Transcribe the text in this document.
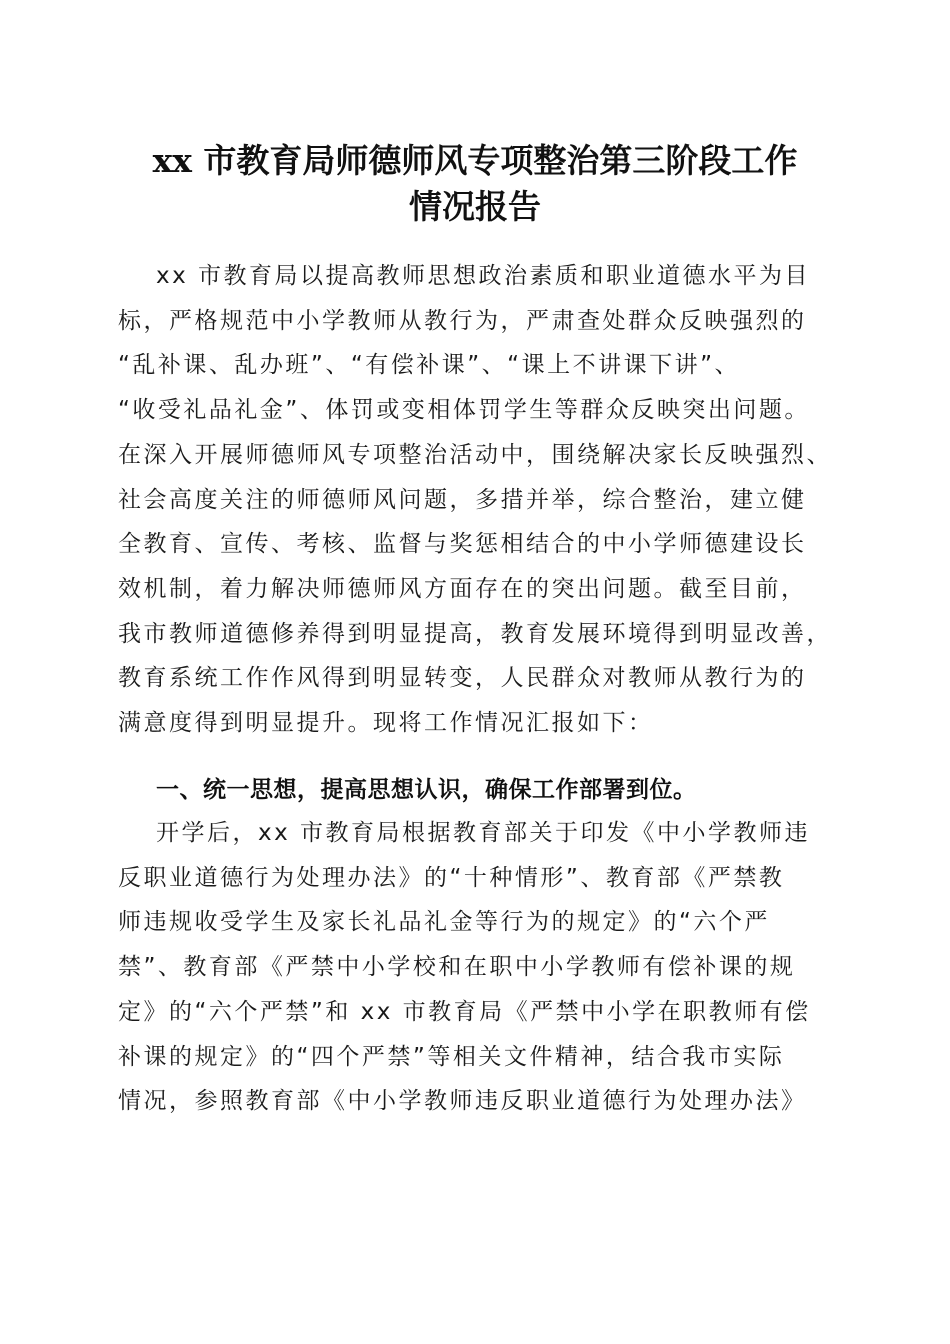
xx 市教育局师德师风专项整治第三阶段工作
情况报告
xx 市教育局以提高教师思想政治素质和职业道德水平为目
标，严格规范中小学教师从教行为，严肃查处群众反映强烈的
“乱补课、乱办班”、“有偿补课”、“课上不讲课下讲”、
“收受礼品礼金”、体罚或变相体罚学生等群众反映突出问题。
在深入开展师德师风专项整治活动中，围绕解决家长反映强烈、
社会高度关注的师德师风问题，多措并举，综合整治，建立健
全教育、宣传、考核、监督与奖惩相结合的中小学师德建设长
效机制，着力解决师德师风方面存在的突出问题。截至目前，
我市教师道德修养得到明显提高，教育发展环境得到明显改善，
教育系统工作作风得到明显转变，人民群众对教师从教行为的
满意度得到明显提升。现将工作情况汇报如下：
一、统一思想，提高思想认识，确保工作部署到位。
开学后，xx 市教育局根据教育部关于印发《中小学教师违
反职业道德行为处理办法》的“十种情形”、教育部《严禁教
师违规收受学生及家长礼品礼金等行为的规定》的“六个严
禁”、教育部《严禁中小学校和在职中小学教师有偿补课的规
定》的“六个严禁”和 xx 市教育局《严禁中小学在职教师有偿
补课的规定》的“四个严禁”等相关文件精神，结合我市实际
情况，参照教育部《中小学教师违反职业道德行为处理办法》
